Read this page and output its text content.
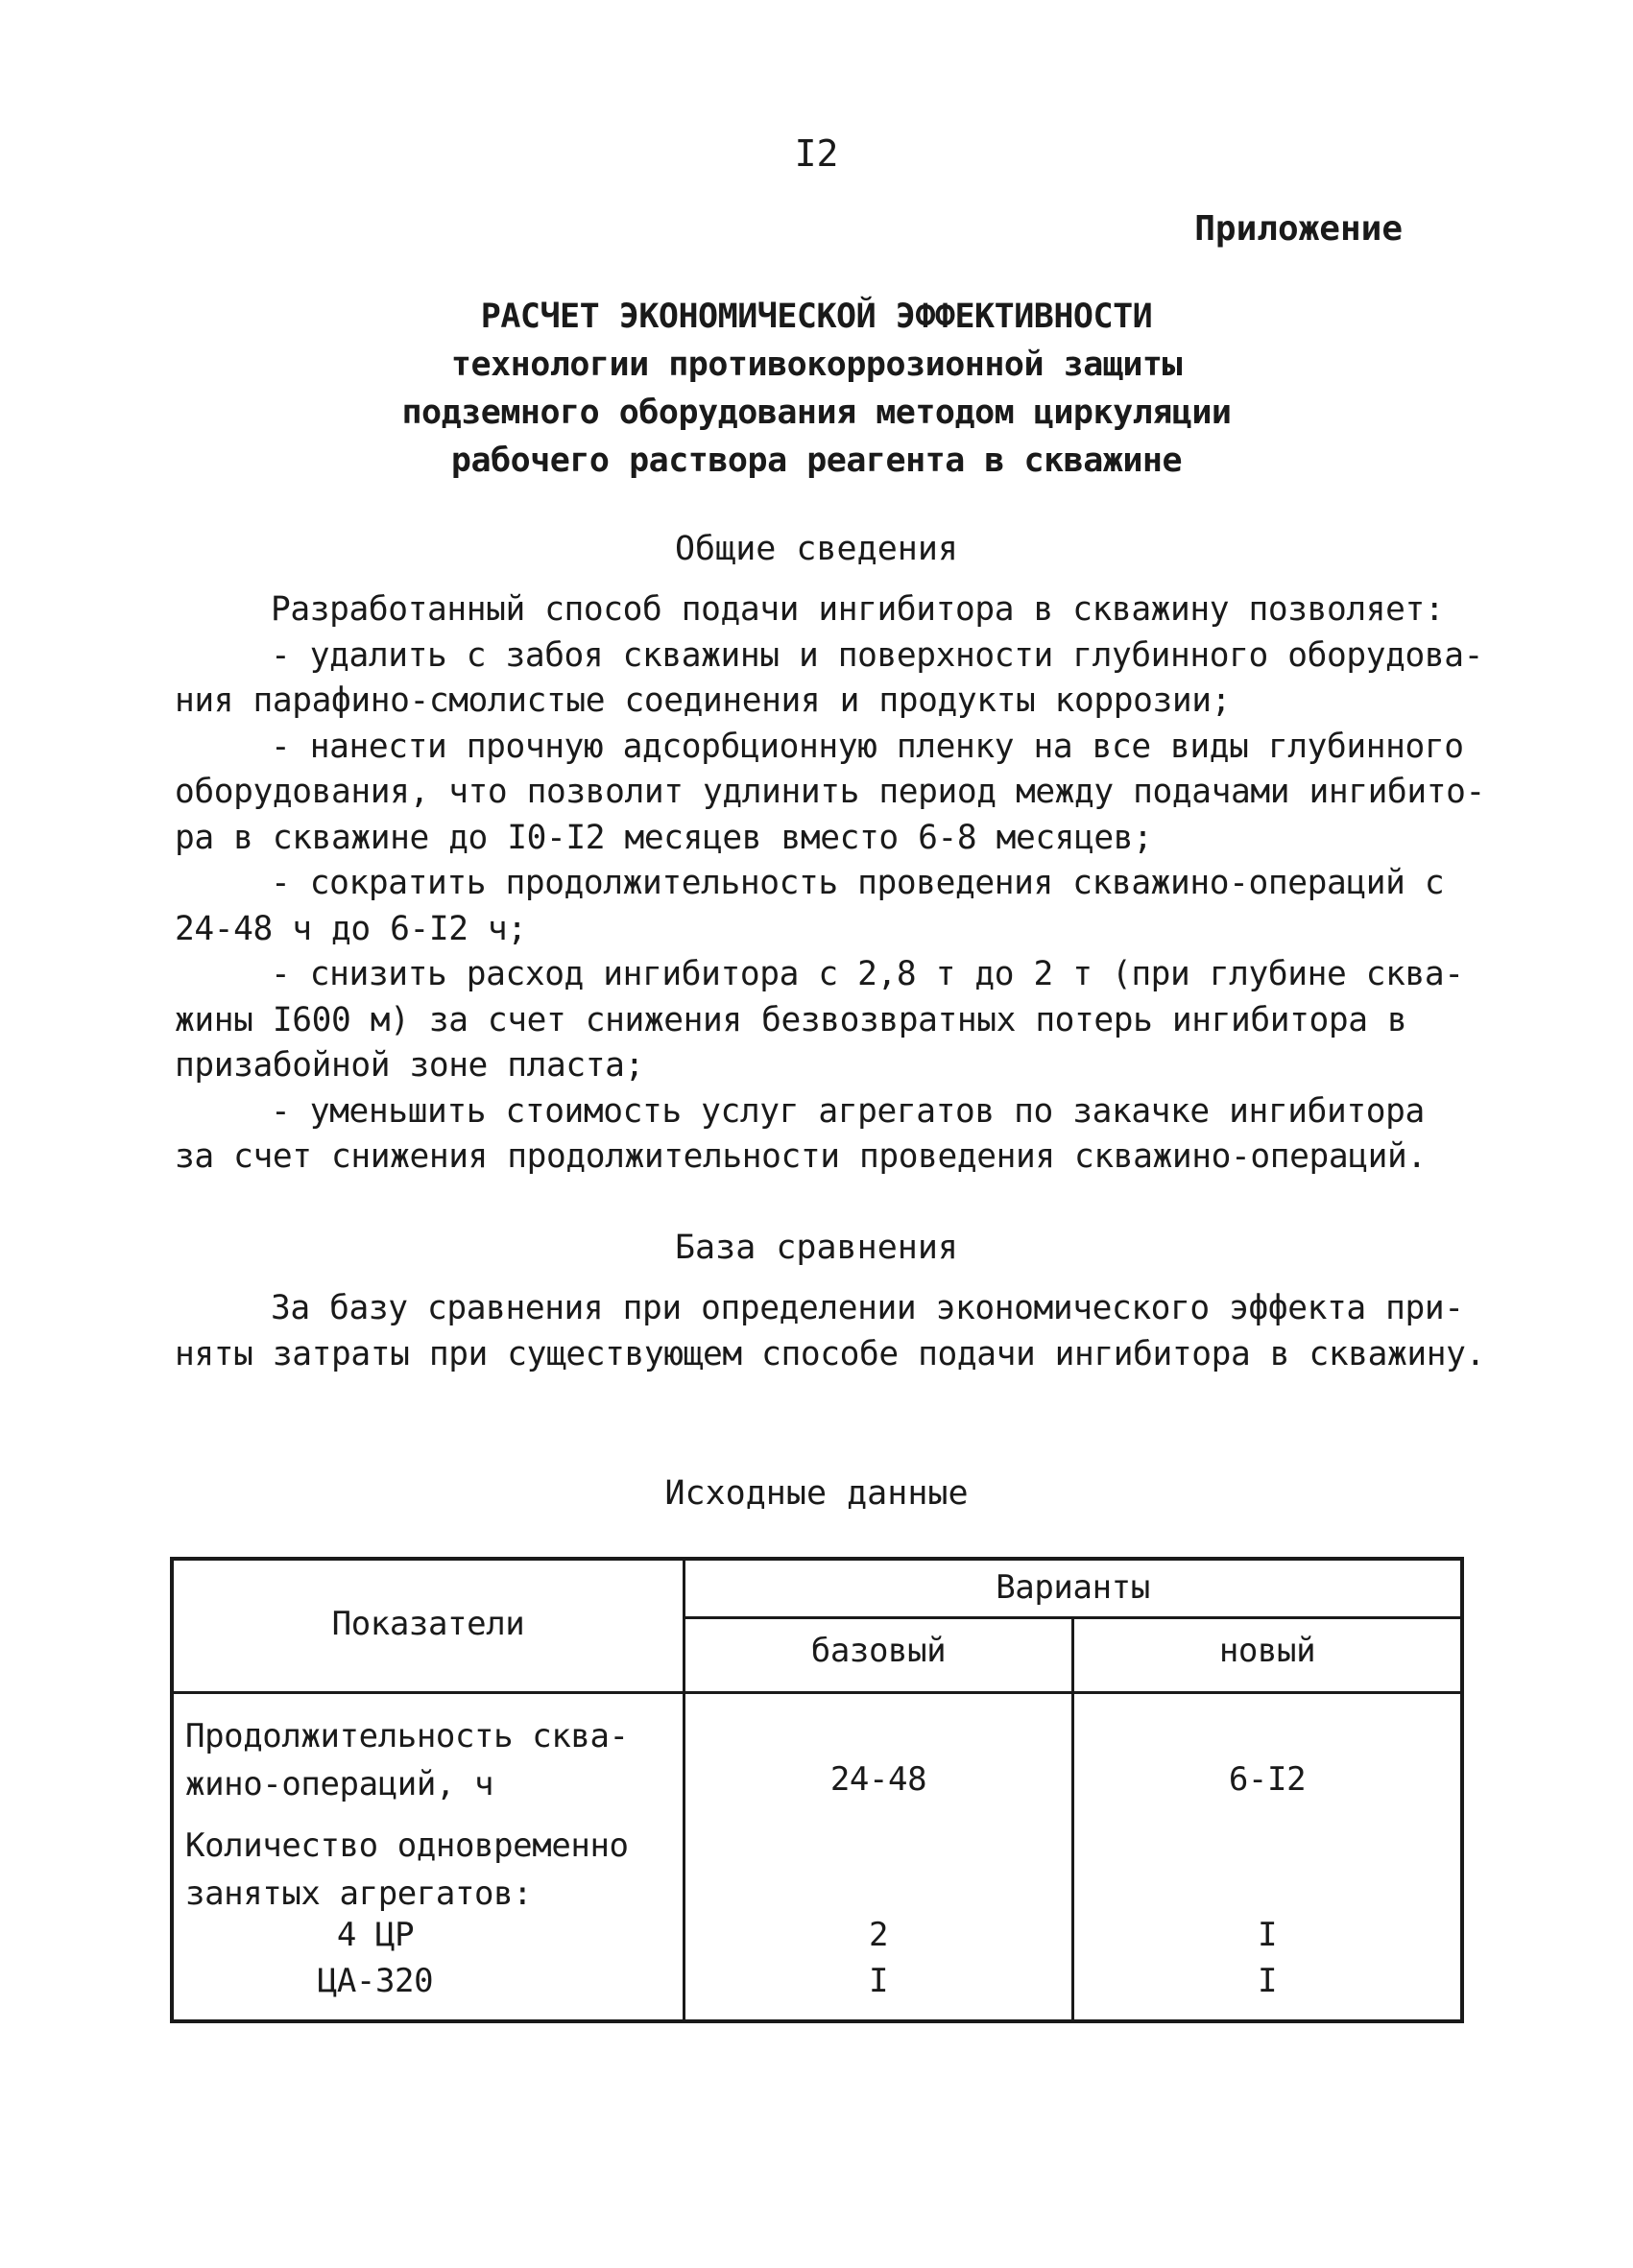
I2
Приложение
РАСЧЕТ ЭКОНОМИЧЕСКОЙ ЭФФЕКТИВНОСТИ
технологии противокоррозионной защиты
подземного оборудования методом циркуляции
рабочего раствора реагента в скважине
Общие сведения
Разработанный способ подачи ингибитора в скважину позволяет:
- удалить с забоя скважины и поверхности глубинного оборудова-
ния парафино-смолистые соединения и продукты коррозии;
- нанести прочную адсорбционную пленку на все виды глубинного
оборудования, что позволит удлинить период между подачами ингибито-
ра в скважине до I0-I2 месяцев вместо 6-8 месяцев;
- сократить продолжительность проведения скважино-операций с
24-48 ч до 6-I2 ч;
- снизить расход ингибитора с 2,8 т до 2 т (при глубине сква-
жины I600 м) за счет снижения безвозвратных потерь ингибитора в
призабойной зоне пласта;
- уменьшить стоимость услуг агрегатов по закачке ингибитора
за счет снижения продолжительности проведения скважино-операций.
База сравнения
За базу сравнения при определении экономического эффекта при-
няты затраты при существующем способе подачи ингибитора в скважину.
Исходные данные
Показатели
Варианты
базовый	новый
Продолжительность сква-
жино-операций, ч	24-48	6-I2
Количество одновременно
занятых агрегатов:
4 ЦР	2	I
ЦА-320	I	I
